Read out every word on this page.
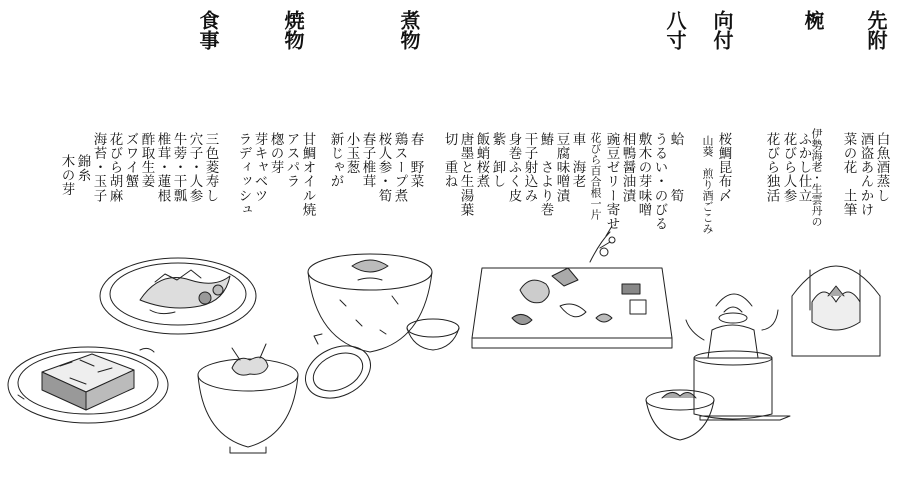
先附
椀
向付
八寸
煮物
焼物
食事
白魚酒蒸し
酒盗あんかけ
菜の花　土筆
伊勢海老・生雲丹の
ふかし仕立
花びら人参
花びら独活
桜鯛昆布〆
山葵　煎り酒ごこみ
蛤　　　筍
うるい・のびる
敷木の芽味噌
相鴨醤油漬
豌豆ゼリー寄せ
花びら百合根一片
車　海老
豆腐味噌漬
鰆　さより巻
干子射込み
身巻ふく皮
紫　卸し
飯蛸桜煮
唐墨と生湯葉
切　重ね
春　野菜
鶏スープ煮
桜人参・筍
春子椎茸
小玉葱
新じゃが
甘鯛オイル焼
アスパラ
楤の芽
芽キャベツ
ラディッシュ
三色菱寿し
穴子・人参
牛蒡・干瓢
椎茸・蓮根
酢取生姜
ズワイ蟹
花びら胡麻
海苔・玉子
錦糸
木の芽
